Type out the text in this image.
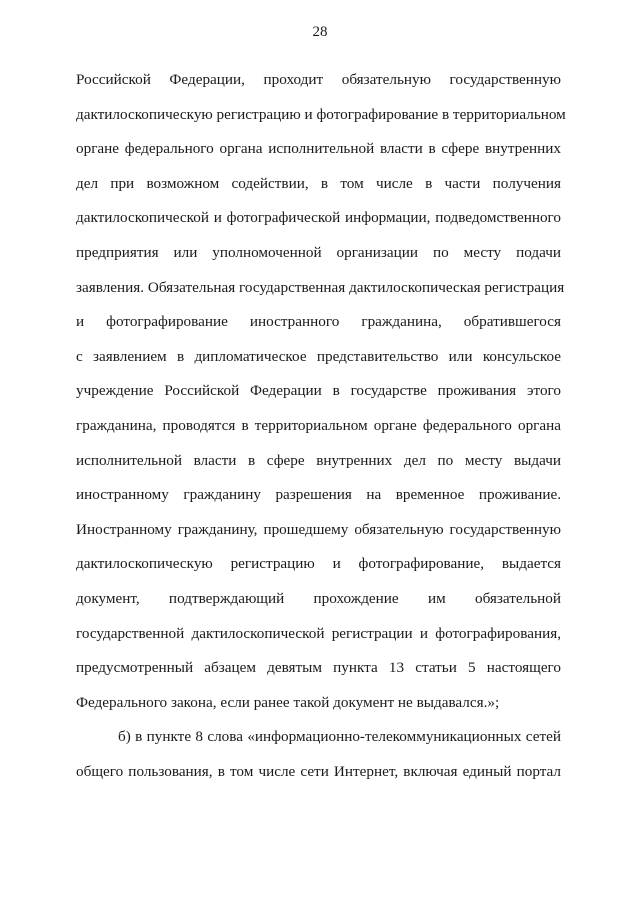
28
Российской Федерации, проходит обязательную государственную
дактилоскопическую регистрацию и фотографирование в территориальном
органе федерального органа исполнительной власти в сфере внутренних
дел при возможном содействии, в том числе в части получения
дактилоскопической и фотографической информации, подведомственного
предприятия или уполномоченной организации по месту подачи
заявления. Обязательная государственная дактилоскопическая регистрация
и фотографирование иностранного гражданина, обратившегося
с заявлением в дипломатическое представительство или консульское
учреждение Российской Федерации в государстве проживания этого
гражданина, проводятся в территориальном органе федерального органа
исполнительной власти в сфере внутренних дел по месту выдачи
иностранному гражданину разрешения на временное проживание.
Иностранному гражданину, прошедшему обязательную государственную
дактилоскопическую регистрацию и фотографирование, выдается
документ, подтверждающий прохождение им обязательной
государственной дактилоскопической регистрации и фотографирования,
предусмотренный абзацем девятым пункта 13 статьи 5 настоящего
Федерального закона, если ранее такой документ не выдавался.»;
б) в пункте 8 слова «информационно-телекоммуникационных сетей
общего пользования, в том числе сети Интернет, включая единый портал
